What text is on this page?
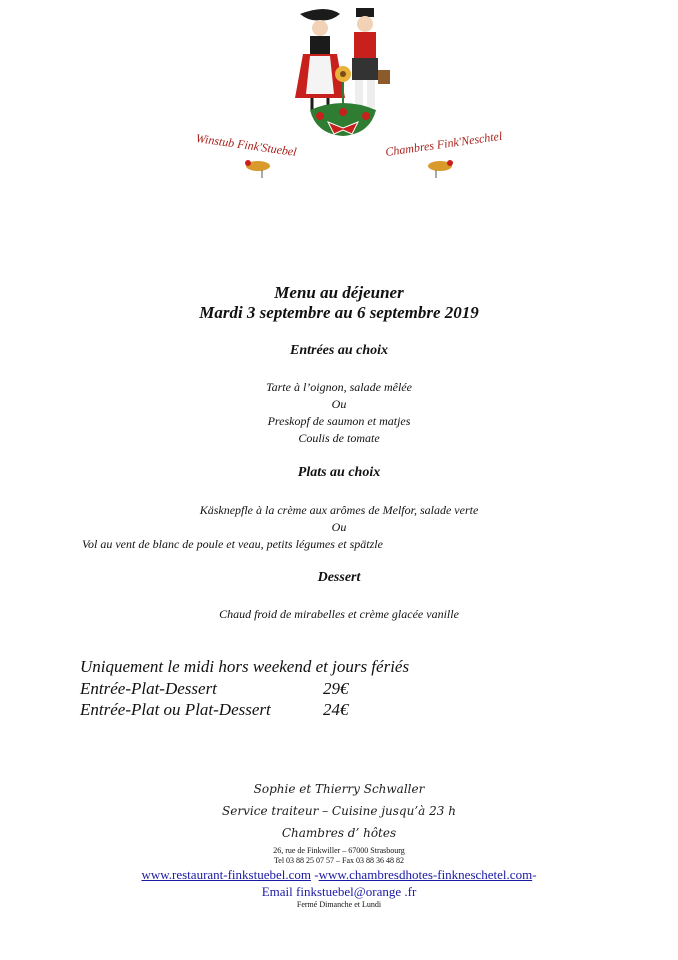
Winstub Fink'Stuebel	Chambres Fink'Neschtel
Menu au déjeuner
Mardi 3 septembre au 6 septembre 2019
Entrées au choix
Tarte à l’oignon, salade mêlée
Ou
Preskopf de saumon et matjes
Coulis de tomate
Plats au choix
Käsknepfle à la crème aux arômes de Melfor, salade verte
Ou
Vol au vent de blanc de poule et veau, petits légumes et spätzle
Dessert
Chaud froid de mirabelles et crème glacée vanille
Uniquement le midi hors weekend et jours fériés
Entrée-Plat-Dessert	29€
Entrée-Plat ou Plat-Dessert	24€
Sophie et Thierry Schwaller
Service traiteur – Cuisine jusqu’à 23 h
Chambres d’ hôtes
26, rue de Finkwiller – 67000 Strasbourg
Tel 03 88 25 07 57 – Fax 03 88 36 48 82
www.restaurant-finkstuebel.com -www.chambresdhotes-finkneschetel.com-
Email finkstuebel@orange .fr
Fermé Dimanche et Lundi
